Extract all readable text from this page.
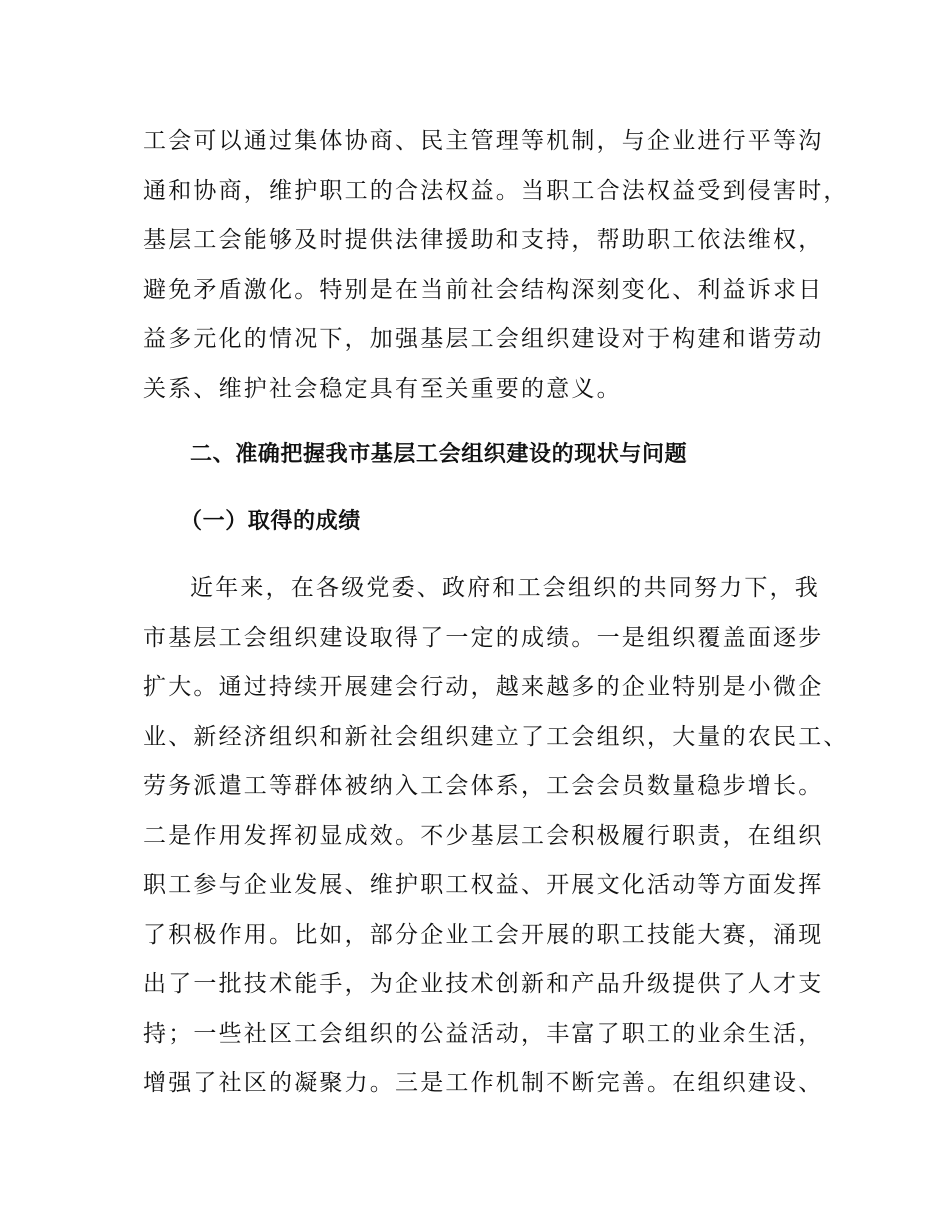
工会可以通过集体协商、民主管理等机制，与企业进行平等沟
通和协商，维护职工的合法权益。当职工合法权益受到侵害时，
基层工会能够及时提供法律援助和支持，帮助职工依法维权，
避免矛盾激化。特别是在当前社会结构深刻变化、利益诉求日
益多元化的情况下，加强基层工会组织建设对于构建和谐劳动
关系、维护社会稳定具有至关重要的意义。
二、准确把握我市基层工会组织建设的现状与问题
（一）取得的成绩
近年来，在各级党委、政府和工会组织的共同努力下，我
市基层工会组织建设取得了一定的成绩。一是组织覆盖面逐步
扩大。通过持续开展建会行动，越来越多的企业特别是小微企
业、新经济组织和新社会组织建立了工会组织，大量的农民工、
劳务派遣工等群体被纳入工会体系，工会会员数量稳步增长。
二是作用发挥初显成效。不少基层工会积极履行职责，在组织
职工参与企业发展、维护职工权益、开展文化活动等方面发挥
了积极作用。比如，部分企业工会开展的职工技能大赛，涌现
出了一批技术能手，为企业技术创新和产品升级提供了人才支
持；一些社区工会组织的公益活动，丰富了职工的业余生活，
增强了社区的凝聚力。三是工作机制不断完善。在组织建设、
